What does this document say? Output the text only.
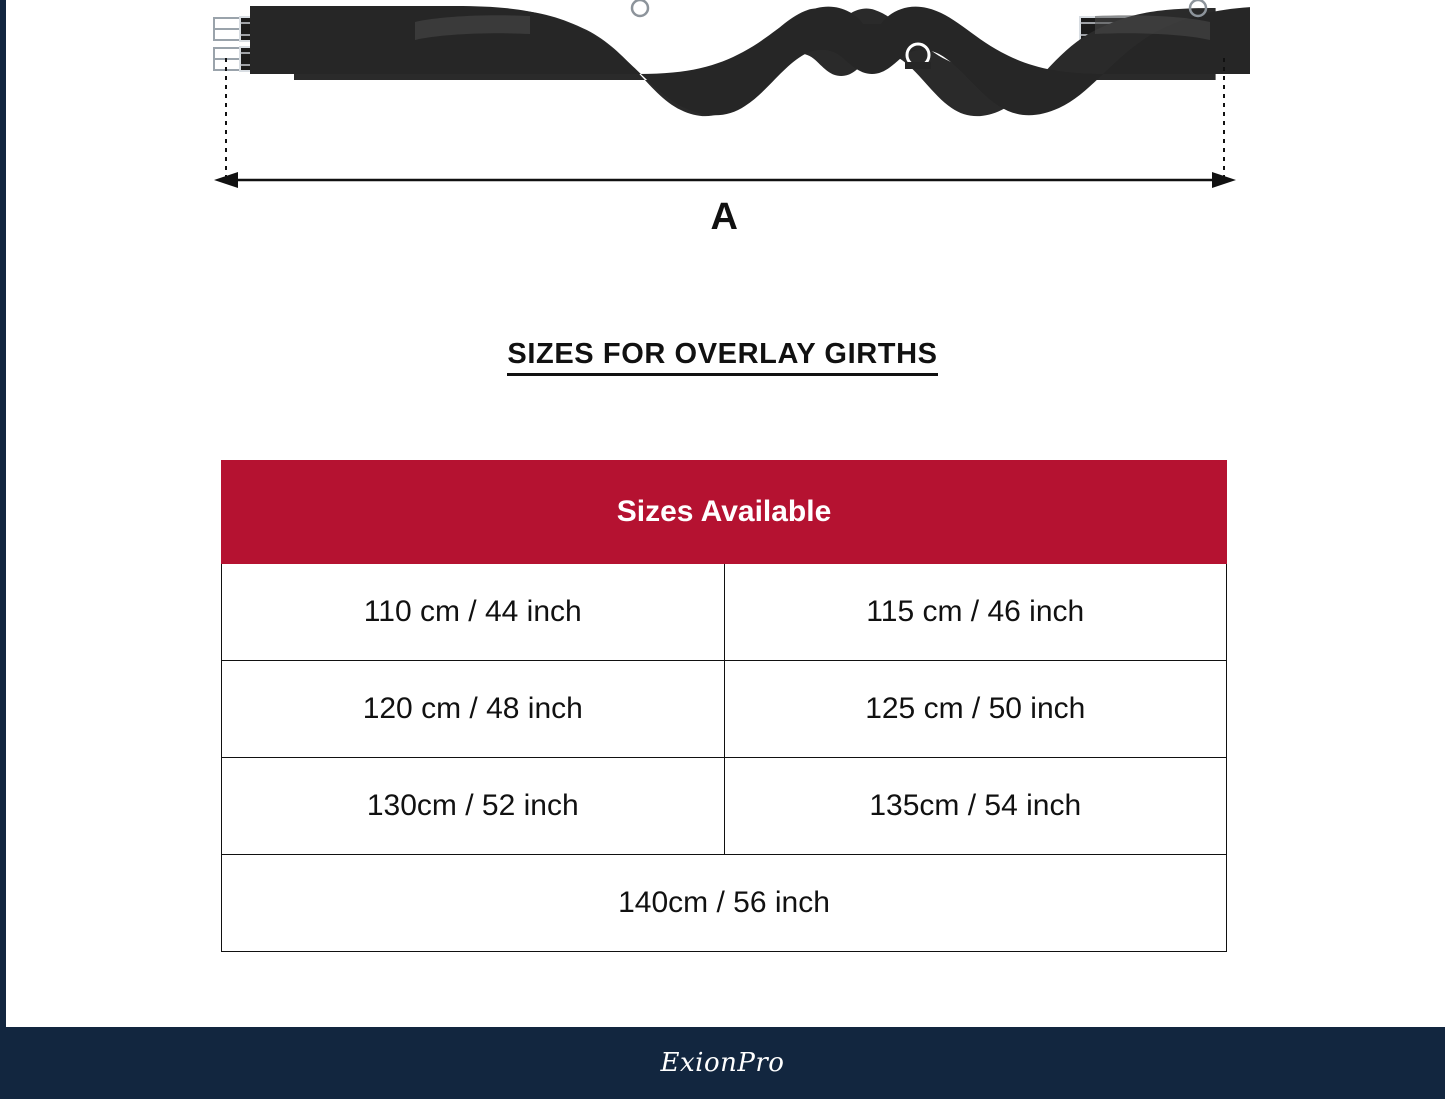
A
SIZES FOR OVERLAY GIRTHS
Sizes Available	
110 cm / 44 inch	115 cm / 46 inch
120 cm / 48 inch	125 cm / 50 inch
130cm / 52 inch	135cm / 54 inch
140cm / 56 inch	
ExionPro
